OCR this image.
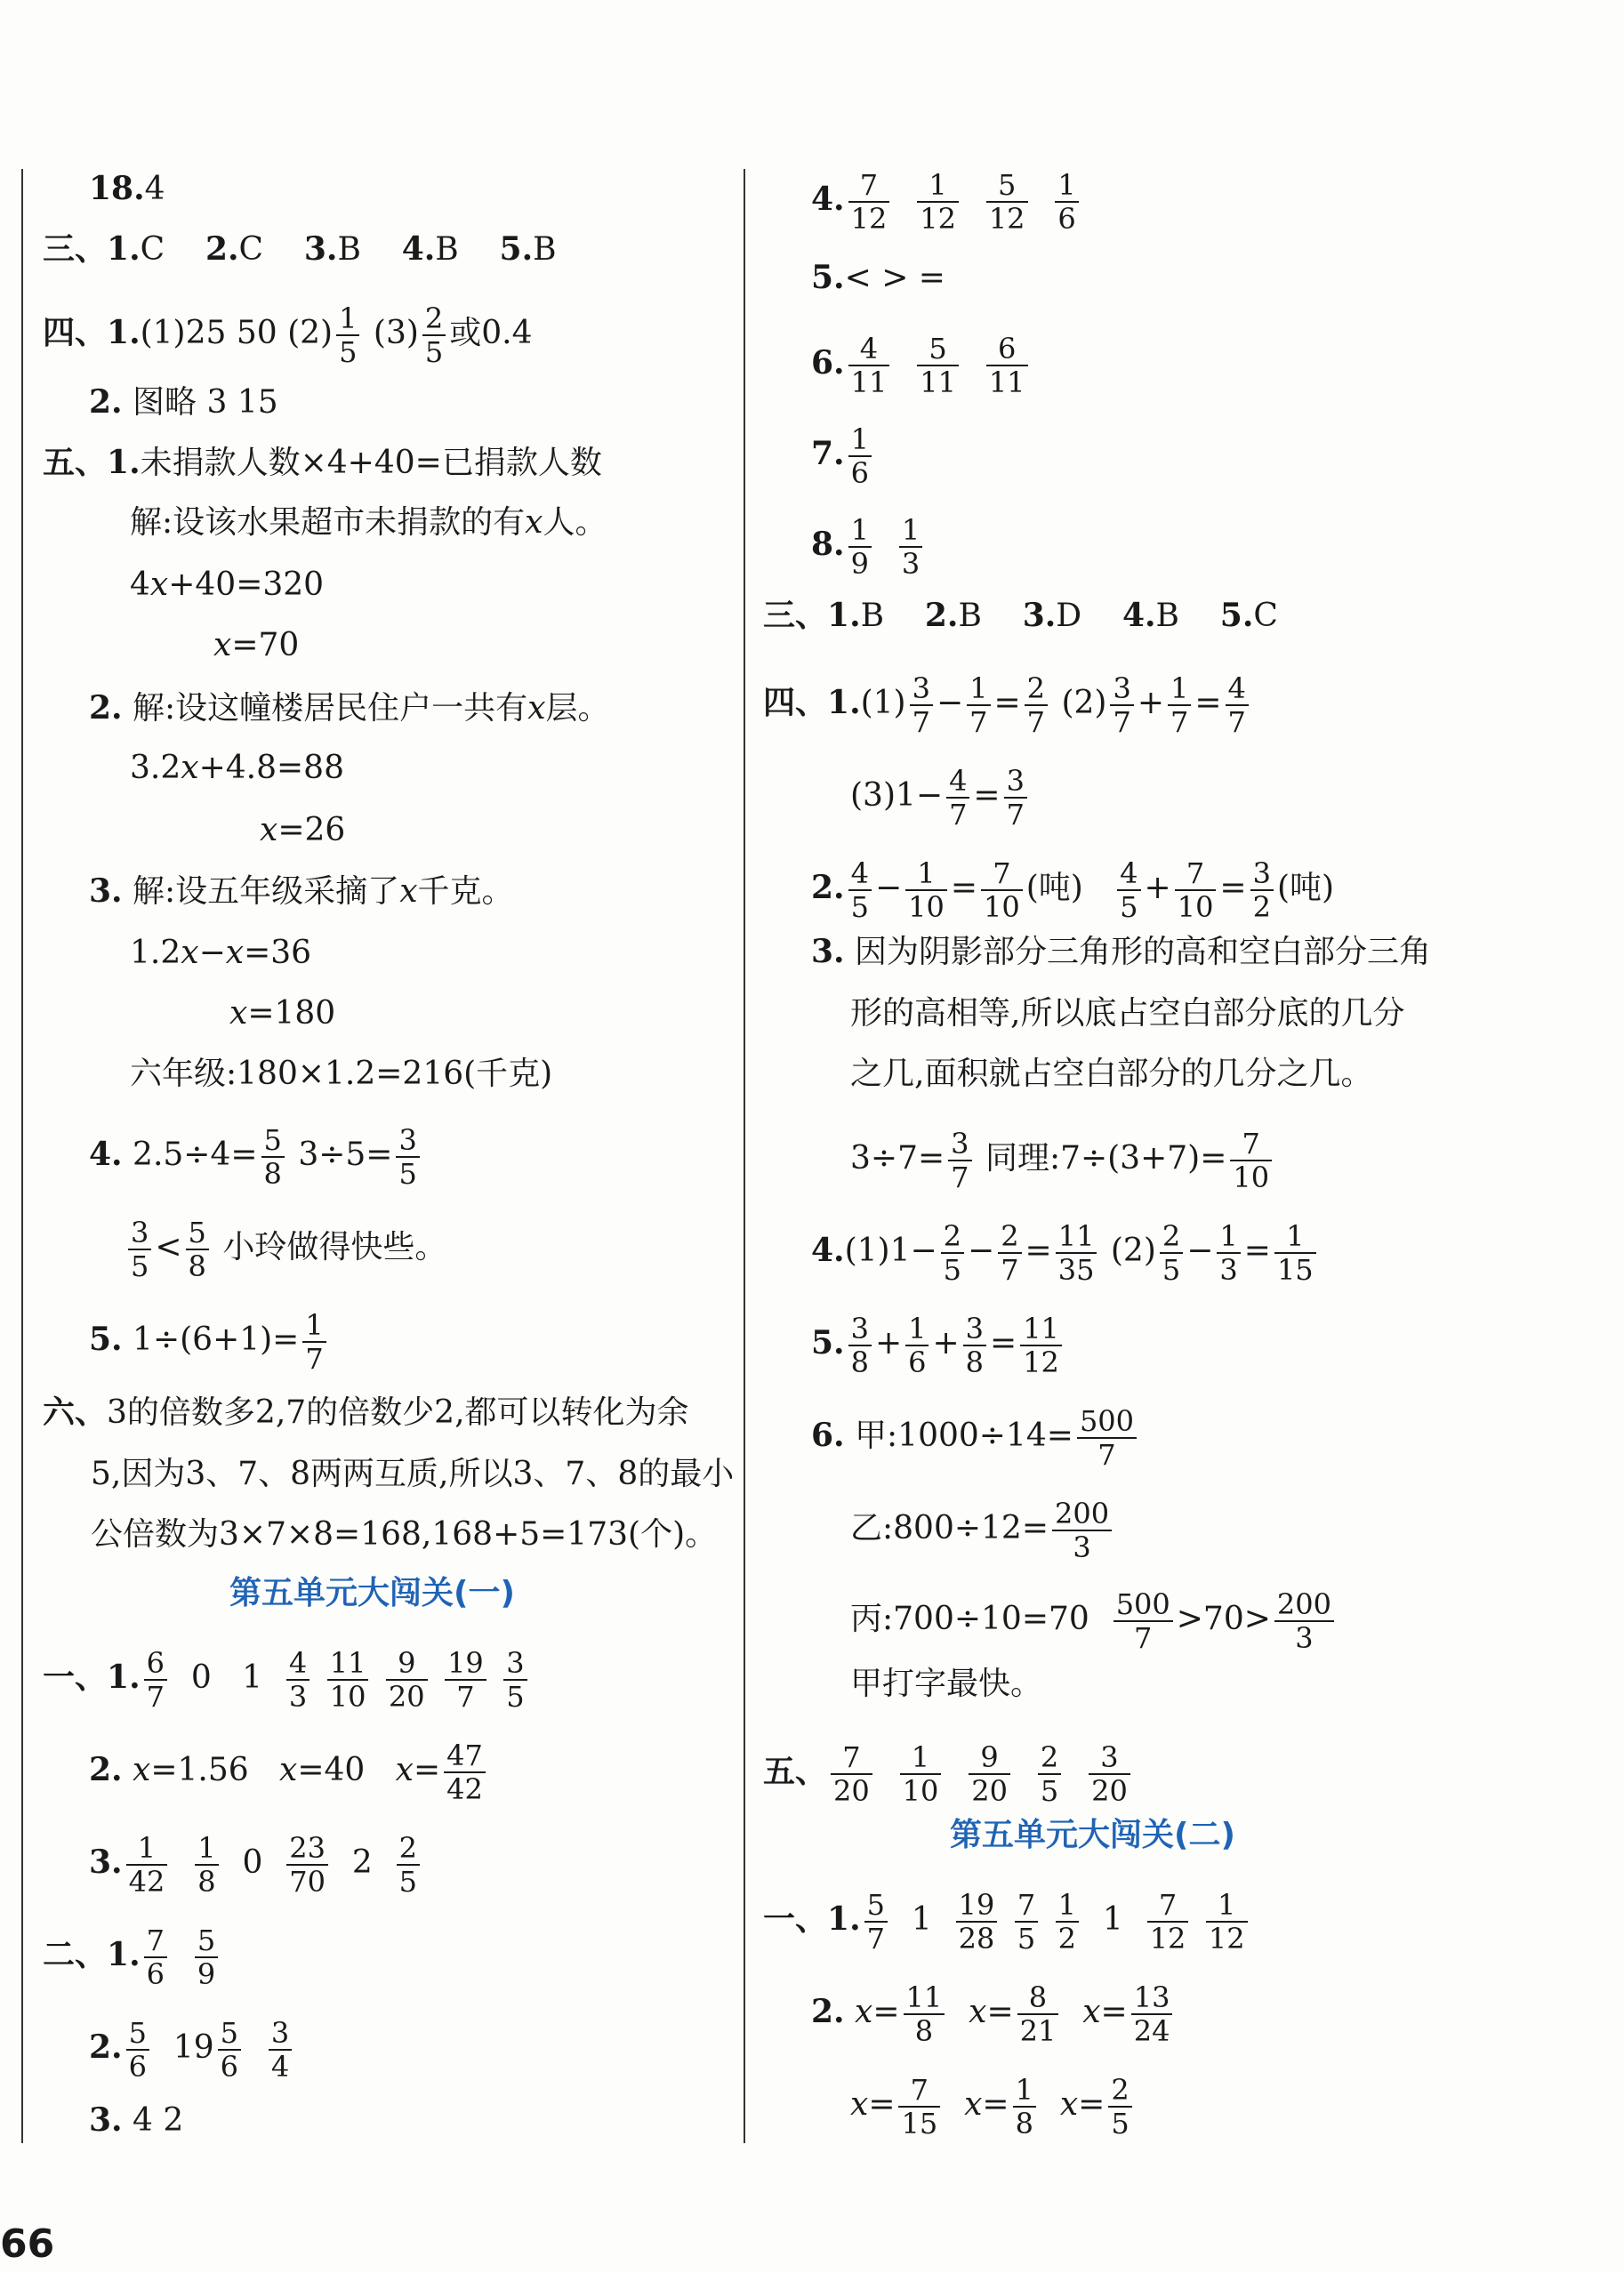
18.4
三、1.C 2.C 3.B 4.B 5.B
四、1.(1)25 50 $(2) \frac{1}{5} (3) \frac{2}{5}$ 或0.4
2. 图略 3 15
五、1.未捐款人数×4+40=已捐款人数
解:设该水果超市未捐款的有x人。
4x+40=320
x=70
2. 解:设这幢楼居民住户一共有x层。
3.2x+4.8=88
x=26
3. 解:设五年级采摘了x千克。
1.2x−x=36
x=180
六年级:180×1.2=216(千克)
4. $2.5\div 4= \frac{5}{8} 3\div 5= \frac{3}{5}$
$\frac{3}{5} < \frac{5}{8}$ 小玲做得快些。
5. $1\div(6+1)= \frac{1}{7}$
六、3的倍数多2,7的倍数少2,都可以转化为余
5,因为3、7、8两两互质,所以3、7、8的最小
公倍数为3×7×8=168,168+5=173(个)。
第五单元大闯关(一)
一、1. $\frac{6}{7} 0$ $1 \frac{4}{3}$
$\frac{11}{10}$
$\frac{9}{20}$
$\frac{19}{7}$
$\frac{3}{5}$
2. x=1.56 x=40 $x= \frac{47}{42}$
3. $\frac{1}{42}$
$\frac{1}{8} 0 \frac{23}{70} 2 \frac{2}{5}$
二、1. $\frac{7}{6}$
$\frac{5}{9}$
2. $\frac{5}{6} 19 \frac{5}{6}$
$\frac{3}{4}$
3. 4 2
4. $\frac{7}{12}$
$\frac{1}{12}$
$\frac{5}{12}$
$\frac{1}{6}$
5.< > =
6. $\frac{4}{11}$
$\frac{5}{11}$
$\frac{6}{11}$
7. $\frac{1}{6}$
8. $\frac{1}{9}$
$\frac{1}{3}$
三、1.B 2.B 3.D 4.B 5.C
四、$1.(1) \frac{3}{7} - \frac{1}{7} = \frac{2}{7} (2) \frac{3}{7} + \frac{1}{7} = \frac{4}{7}$
$(3)1- \frac{4}{7} = \frac{3}{7}$
2. $\frac{4}{5} - \frac{1}{10} = \frac{7}{10}$ (吨) $\frac{4}{5} + \frac{7}{10} = \frac{3}{2}$ (吨)
3. 因为阴影部分三角形的高和空白部分三角
形的高相等,所以底占空白部分底的几分
之几,面积就占空白部分的几分之几。
$3\div 7= \frac{3}{7}$ 同理:7÷(3+7)= $\frac{7}{10}$
$4.(1)1- \frac{2}{5} - \frac{2}{7} = \frac{11}{35} (2) \frac{2}{5} - \frac{1}{3} = \frac{1}{15}$
5. $\frac{3}{8} + \frac{1}{6} + \frac{3}{8} = \frac{11}{12}$
6. 甲:1000÷14= $\frac{500}{7}$
乙:800÷12= $\frac{200}{3}$
丙:700÷10=70 $\frac{500}{7} >70> \frac{200}{3}$
甲打字最快。
五、 $\frac{7}{20}$
$\frac{1}{10}$
$\frac{9}{20}$
$\frac{2}{5}$
$\frac{3}{20}$
第五单元大闯关(二)
一、1. $\frac{5}{7} 1 \frac{19}{28}$
$\frac{7}{5}$
$\frac{1}{2} 1 \frac{7}{12}$
$\frac{1}{12}$
2. $x= \frac{11}{8} x= \frac{8}{21} x= \frac{13}{24}$
$x= \frac{7}{15} x= \frac{1}{8} x= \frac{2}{5}$
66
